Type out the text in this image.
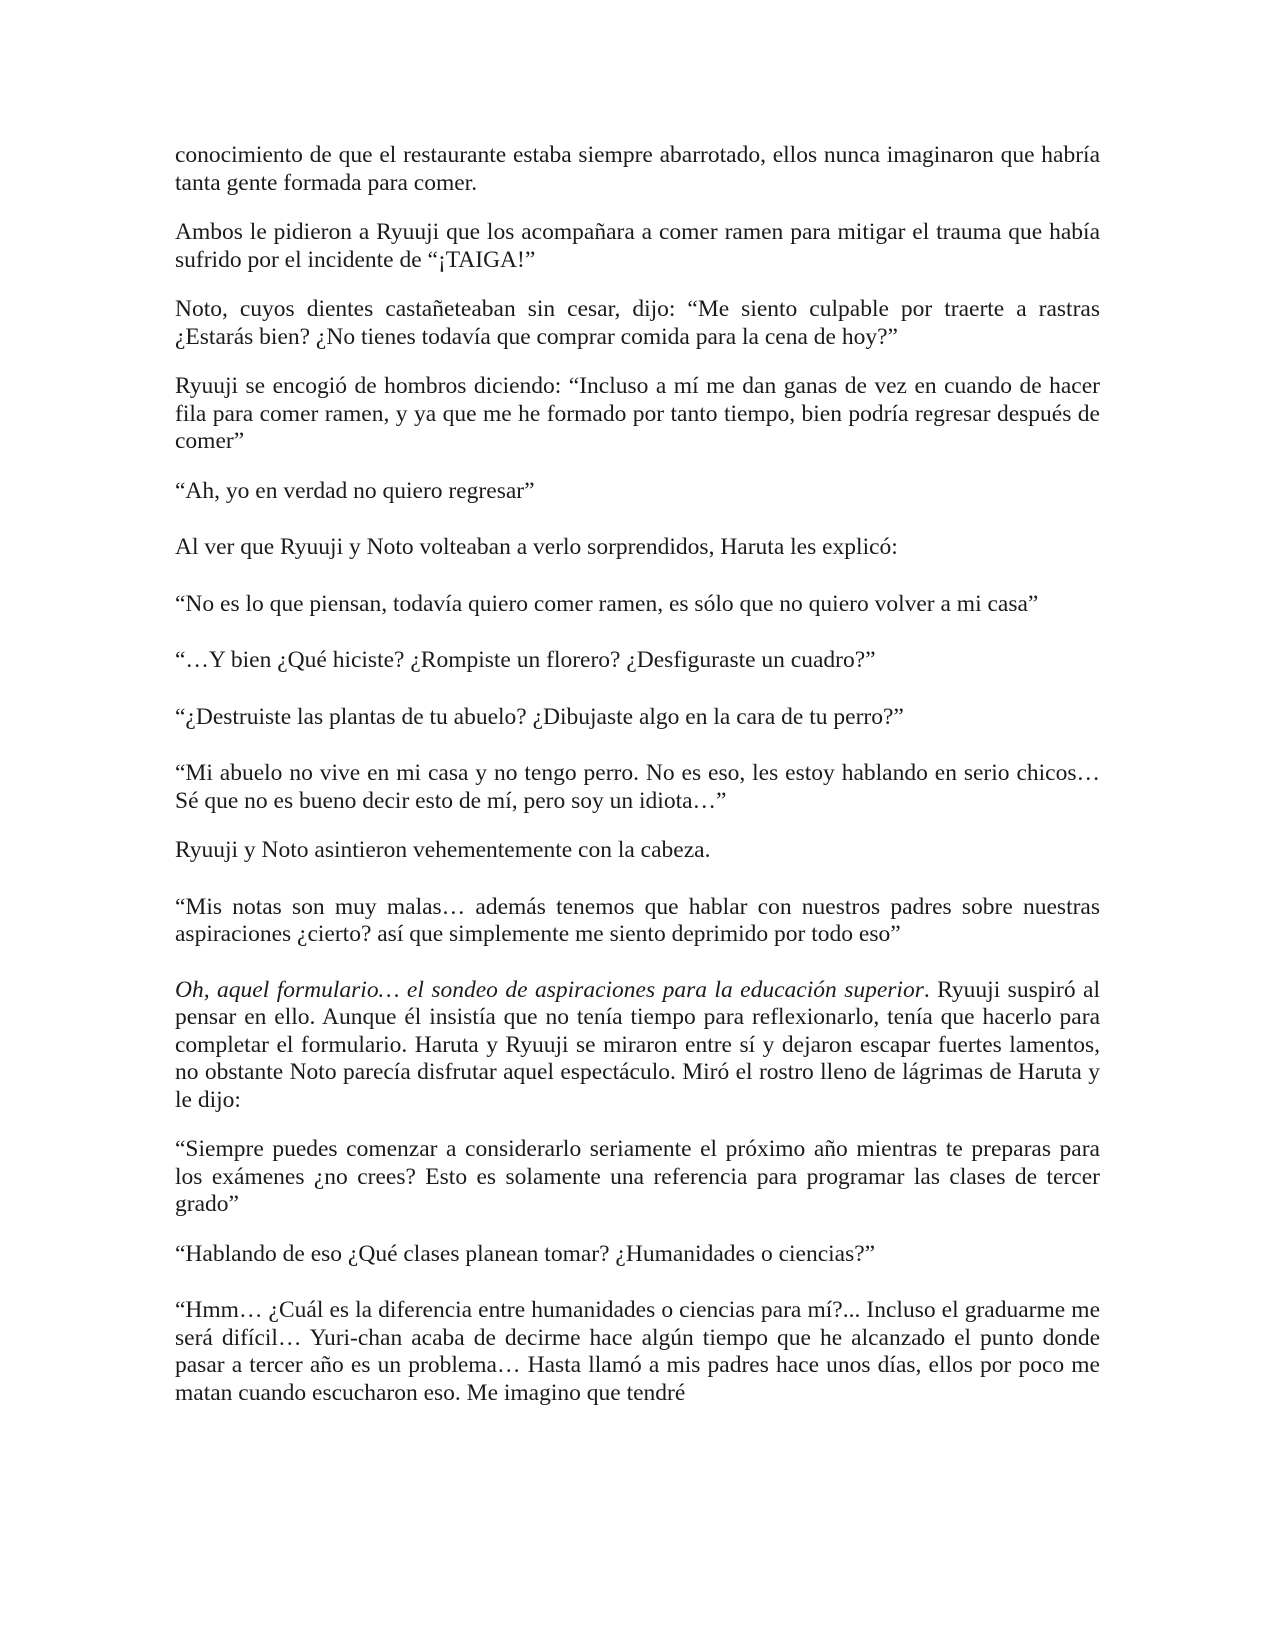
conocimiento de que el restaurante estaba siempre abarrotado, ellos nunca imaginaron que habría tanta gente formada para comer.

Ambos le pidieron a Ryuuji que los acompañara a comer ramen para mitigar el trauma que había sufrido por el incidente de “¡TAIGA!”

Noto, cuyos dientes castañeteaban sin cesar, dijo: “Me siento culpable por traerte a rastras ¿Estarás bien? ¿No tienes todavía que comprar comida para la cena de hoy?”

Ryuuji se encogió de hombros diciendo: “Incluso a mí me dan ganas de vez en cuando de hacer fila para comer ramen, y ya que me he formado por tanto tiempo, bien podría regresar después de comer”

“Ah, yo en verdad no quiero regresar”

Al ver que Ryuuji y Noto volteaban a verlo sorprendidos, Haruta les explicó:

“No es lo que piensan, todavía quiero comer ramen, es sólo que no quiero volver a mi casa”

“…Y bien ¿Qué hiciste? ¿Rompiste un florero? ¿Desfiguraste un cuadro?”

“¿Destruiste las plantas de tu abuelo? ¿Dibujaste algo en la cara de tu perro?”

“Mi abuelo no vive en mi casa y no tengo perro. No es eso, les estoy hablando en serio chicos… Sé que no es bueno decir esto de mí, pero soy un idiota…”

Ryuuji y Noto asintieron vehementemente con la cabeza.

“Mis notas son muy malas… además tenemos que hablar con nuestros padres sobre nuestras aspiraciones ¿cierto? así que simplemente me siento deprimido por todo eso”

Oh, aquel formulario… el sondeo de aspiraciones para la educación superior. Ryuuji suspiró al pensar en ello. Aunque él insistía que no tenía tiempo para reflexionarlo, tenía que hacerlo para completar el formulario. Haruta y Ryuuji se miraron entre sí y dejaron escapar fuertes lamentos, no obstante Noto parecía disfrutar aquel espectáculo. Miró el rostro lleno de lágrimas de Haruta y le dijo:

“Siempre puedes comenzar a considerarlo seriamente el próximo año mientras te preparas para los exámenes ¿no crees? Esto es solamente una referencia para programar las clases de tercer grado”

“Hablando de eso ¿Qué clases planean tomar? ¿Humanidades o ciencias?”

“Hmm… ¿Cuál es la diferencia entre humanidades o ciencias para mí?... Incluso el graduarme me será difícil… Yuri-chan acaba de decirme hace algún tiempo que he alcanzado el punto donde pasar a tercer año es un problema… Hasta llamó a mis padres hace unos días, ellos por poco me matan cuando escucharon eso. Me imagino que tendré
